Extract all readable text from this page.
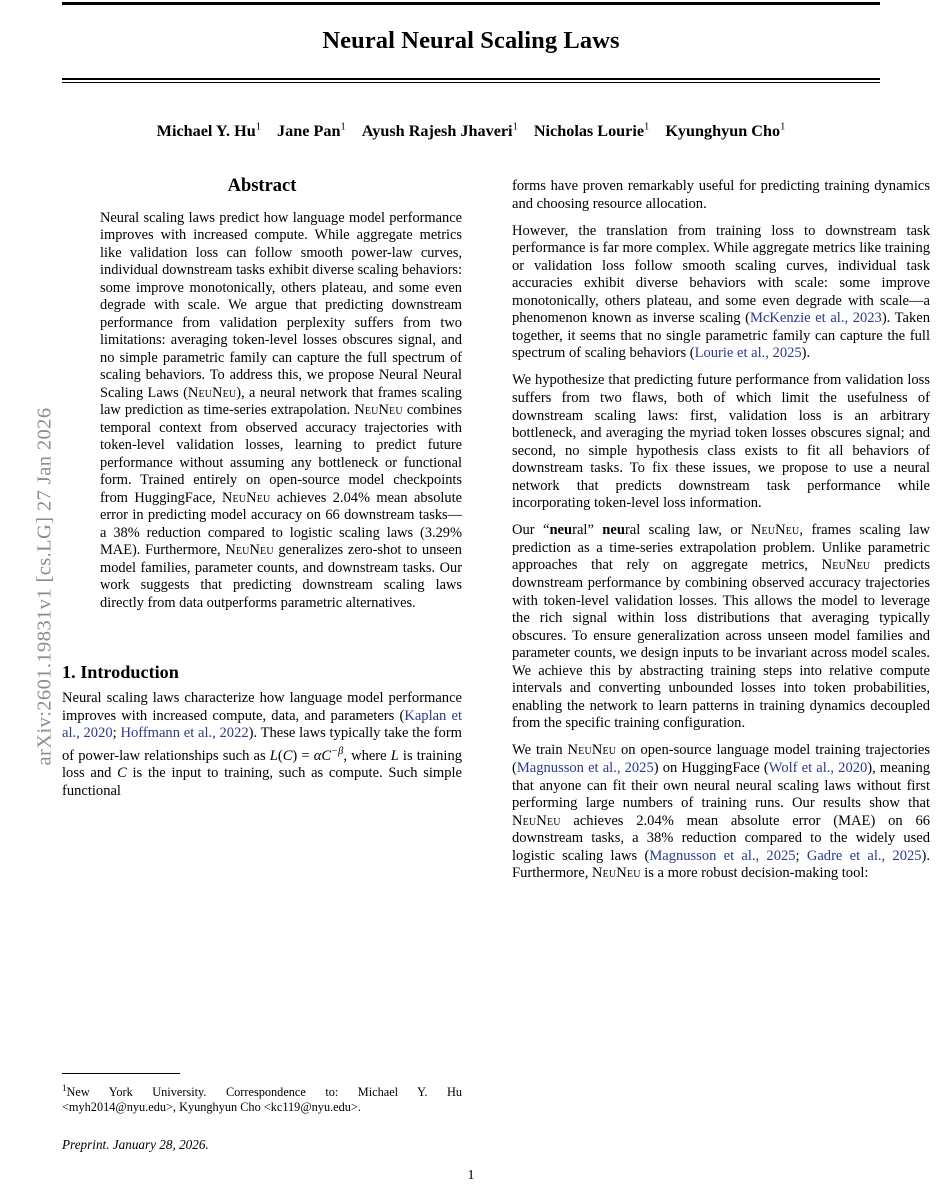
arXiv:2601.19831v1 [cs.LG] 27 Jan 2026
Neural Neural Scaling Laws
Michael Y. Hu$^1$ Jane Pan$^1$ Ayush Rajesh Jhaveri$^1$ Nicholas Lourie$^1$ Kyunghyun Cho$^1$
Abstract

Neural scaling laws predict how language model performance improves with increased compute. While aggregate metrics like validation loss can follow smooth power-law curves, individual downstream tasks exhibit diverse scaling behaviors: some improve monotonically, others plateau, and some even degrade with scale. We argue that predicting downstream performance from validation perplexity suffers from two limitations: averaging token-level losses obscures signal, and no simple parametric family can capture the full spectrum of scaling behaviors. To address this, we propose Neural Neural Scaling Laws (NeuNeu), a neural network that frames scaling law prediction as time-series extrapolation. NeuNeu combines temporal context from observed accuracy trajectories with token-level validation losses, learning to predict future performance without assuming any bottleneck or functional form. Trained entirely on open-source model checkpoints from HuggingFace, NeuNeu achieves 2.04% mean absolute error in predicting model accuracy on 66 downstream tasks—a 38% reduction compared to logistic scaling laws (3.29% MAE). Furthermore, NeuNeu generalizes zero-shot to unseen model families, parameter counts, and downstream tasks. Our work suggests that predicting downstream scaling laws directly from data outperforms parametric alternatives.

1. Introduction

Neural scaling laws characterize how language model performance improves with increased compute, data, and parameters (Kaplan et al., 2020; Hoffmann et al., 2022). These laws typically take the form of power-law relationships such as $L(C) = \alpha C^{-\beta}$, where L is training loss and C is the input to training, such as compute. Such simple functional

forms have proven remarkably useful for predicting training dynamics and choosing resource allocation.

However, the translation from training loss to downstream task performance is far more complex. While aggregate metrics like training or validation loss follow smooth scaling curves, individual task accuracies exhibit diverse behaviors with scale: some improve monotonically, others plateau, and some even degrade with scale—a phenomenon known as inverse scaling (McKenzie et al., 2023). Taken together, it seems that no single parametric family can capture the full spectrum of scaling behaviors (Lourie et al., 2025).

We hypothesize that predicting future performance from validation loss suffers from two flaws, both of which limit the usefulness of downstream scaling laws: first, validation loss is an arbitrary bottleneck, and averaging the myriad token losses obscures signal; and second, no simple hypothesis class exists to fit all behaviors of downstream tasks. To fix these issues, we propose to use a neural network that predicts downstream task performance while incorporating token-level loss information.

Our “neural” neural scaling law, or NeuNeu, frames scaling law prediction as a time-series extrapolation problem. Unlike parametric approaches that rely on aggregate metrics, NeuNeu predicts downstream performance by combining observed accuracy trajectories with token-level validation losses. This allows the model to leverage the rich signal within loss distributions that averaging typically obscures. To ensure generalization across unseen model families and parameter counts, we design inputs to be invariant across model scales. We achieve this by abstracting training steps into relative compute intervals and converting unbounded losses into token probabilities, enabling the network to learn patterns in training dynamics decoupled from the specific training configuration.

We train NeuNeu on open-source language model training trajectories (Magnusson et al., 2025) on HuggingFace (Wolf et al., 2020), meaning that anyone can fit their own neural neural scaling laws without first performing large numbers of training runs. Our results show that NeuNeu achieves 2.04% mean absolute error (MAE) on 66 downstream tasks, a 38% reduction compared to the widely used logistic scaling laws (Magnusson et al., 2025; Gadre et al., 2025). Furthermore, NeuNeu is a more robust decision-making tool:

$^1$New York University. Correspondence to: Michael Y. Hu <myh2014@nyu.edu>, Kyunghyun Cho <kc119@nyu.edu>.
Preprint. January 28, 2026.
1
